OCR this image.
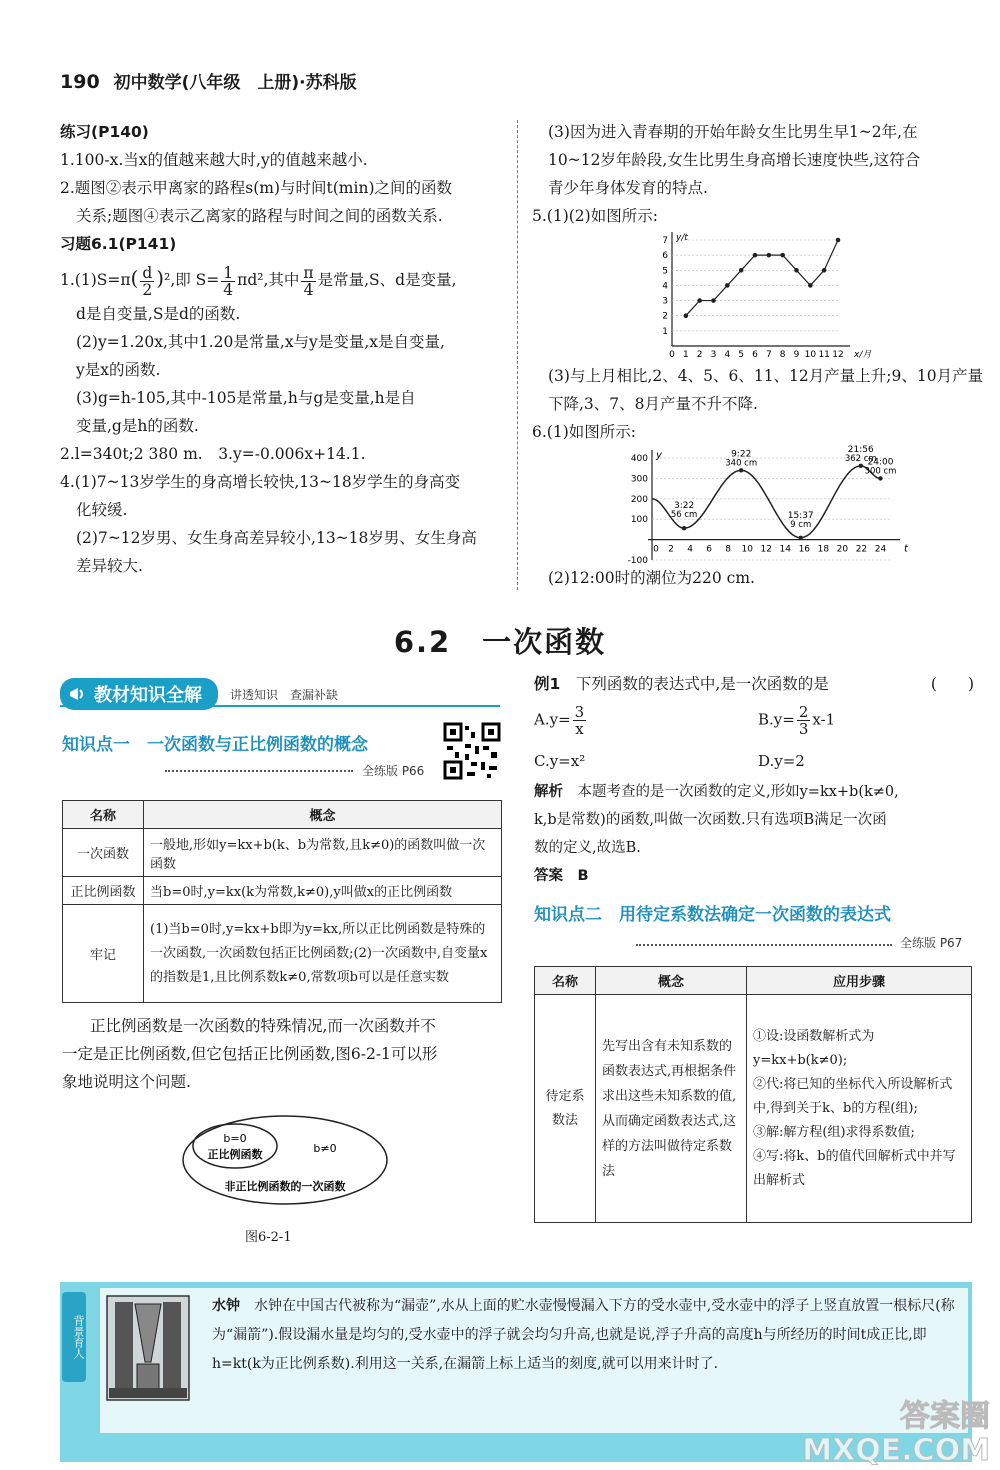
190 初中数学(八年级　上册)·苏科版

练习(P140)

1.100-x.当x的值越来越大时,y的值越来越小.

2.题图②表示甲离家的路程s(m)与时间t(min)之间的函数

关系;题图④表示乙离家的路程与时间之间的函数关系.

习题6.1(P141)

$1.(1)S=\pi( \frac{d}{2} )^2$,即 $S= \frac{1}{4} \pi d^2$,其中 $\frac{\pi}{4}$ 是常量,S、d是变量,

d是自变量,S是d的函数.

(2)y=1.20x,其中1.20是常量,x与y是变量,x是自变量,

y是x的函数.

(3)g=h-105,其中-105是常量,h与g是变量,h是自

变量,g是h的函数.

2.l=340t;2 380 m.　3.y=-0.006x+14.1.

4.(1)7~13岁学生的身高增长较快,13~18岁学生的身高变

化较缓.

(2)7~12岁男、女生身高差异较小,13~18岁男、女生身高

差异较大.

(3)因为进入青春期的开始年龄女生比男生早1~2年,在

10~12岁年龄段,女生比男生身高增长速度快些,这符合

青少年身体发育的特点.

5.(1)(2)如图所示:

1
2
3
4
5
6
7
0 1 2 3 4 5 6 7 8 9 10 11 12 x/月
y/t

(3)与上月相比,2、4、5、6、11、12月产量上升;9、10月产量

下降,3、7、8月产量不升不降.

6.(1)如图所示:

t
y
-100
100
200
300
400
0 2 4 6 8 10 12 14 16 18 20 22 24
3:22
56 cm
9:22
340 cm
15:37
9 cm
21:56
362 cm
24:00
300 cm

(2)12:00时的潮位为220 cm.

6.2　一次函数
教材知识全解 讲透知识　查漏补缺
知识点一　一次函数与正比例函数的概念
全练版 P66
名称	概念
一次函数	一般地,形如y=kx+b(k、b为常数,且k≠0)的函数叫做一次函数
正比例函数	当b=0时,y=kx(k为常数,k≠0),y叫做x的正比例函数
牢记	(1)当b=0时,y=kx+b即为y=kx,所以正比例函数是特殊的一次函数,一次函数包括正比例函数;(2)一次函数中,自变量x的指数是1,且比例系数k≠0,常数项b可以是任意实数

正比例函数是一次函数的特殊情况,而一次函数并不

一定是正比例函数,但它包括正比例函数,图6-2-1可以形

象地说明这个问题.

b=0
正比例函数	b≠0
非正比例函数的一次函数
图6-2-1

例1　 下列函数的表达式中,是一次函数的是	(　　)

$A.y= \frac{3}{x}$	$B.y= \frac{2}{3} x-1$
C.y=x²	D.y=2

解析　 本题考查的是一次函数的定义,形如y=kx+b(k≠0,

k,b是常数)的函数,叫做一次函数.只有选项B满足一次函

数的定义,故选B.

答案　 B

知识点二　用待定系数法确定一次函数的表达式
全练版 P67
名称	概念	应用步骤
待定系数法	先写出含有未知系数的函数表达式,再根据条件求出这些未知系数的值,从而确定函数表达式,这样的方法叫做待定系数法	①设:设函数解析式为y=kx+b(k≠0);
②代:将已知的坐标代入所设解析式中,得到关于k、b的方程(组);
③解:解方程(组)求得系数值;
④写:将k、b的值代回解析式中并写出解析式
背景育人
水钟　 水钟在中国古代被称为“漏壶”,水从上面的贮水壶慢慢漏入下方的受水壶中,受水壶中的浮子上竖直放置一根标尺(称为“漏箭”).假设漏水量是均匀的,受水壶中的浮子就会均匀升高,也就是说,浮子升高的高度h与所经历的时间t成正比,即h=kt(k为正比例系数).利用这一关系,在漏箭上标上适当的刻度,就可以用来计时了.
答案圈 MXQE.COM
